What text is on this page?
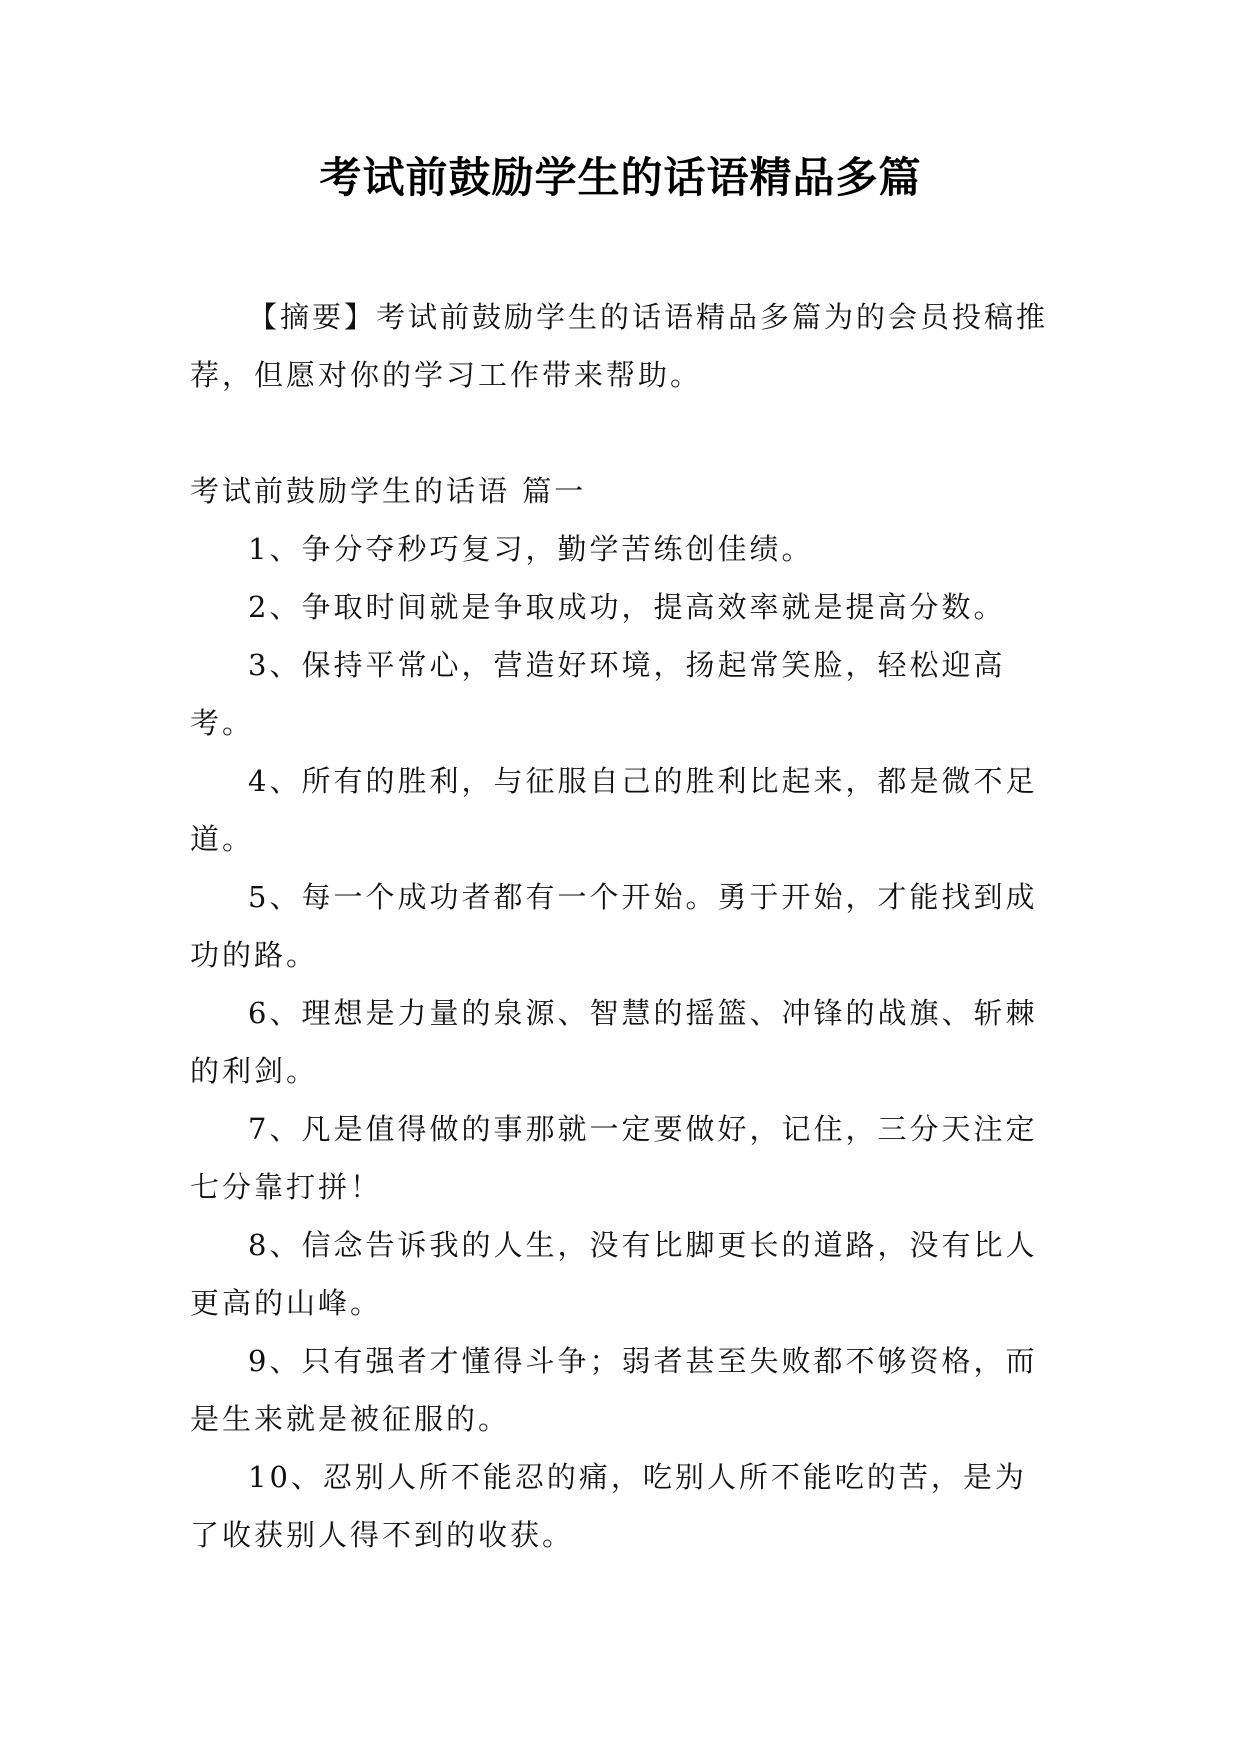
考试前鼓励学生的话语精品多篇

【摘要】考试前鼓励学生的话语精品多篇为的会员投稿推荐，但愿对你的学习工作带来帮助。

考试前鼓励学生的话语 篇一

1、争分夺秒巧复习，勤学苦练创佳绩。

2、争取时间就是争取成功，提高效率就是提高分数。

3、保持平常心，营造好环境，扬起常笑脸，轻松迎高考。

4、所有的胜利，与征服自己的胜利比起来，都是微不足道。

5、每一个成功者都有一个开始。勇于开始，才能找到成功的路。

6、理想是力量的泉源、智慧的摇篮、冲锋的战旗、斩棘的利剑。

7、凡是值得做的事那就一定要做好，记住，三分天注定七分靠打拼！

8、信念告诉我的人生，没有比脚更长的道路，没有比人更高的山峰。

9、只有强者才懂得斗争；弱者甚至失败都不够资格，而是生来就是被征服的。

10、忍别人所不能忍的痛，吃别人所不能吃的苦，是为了收获别人得不到的收获。
